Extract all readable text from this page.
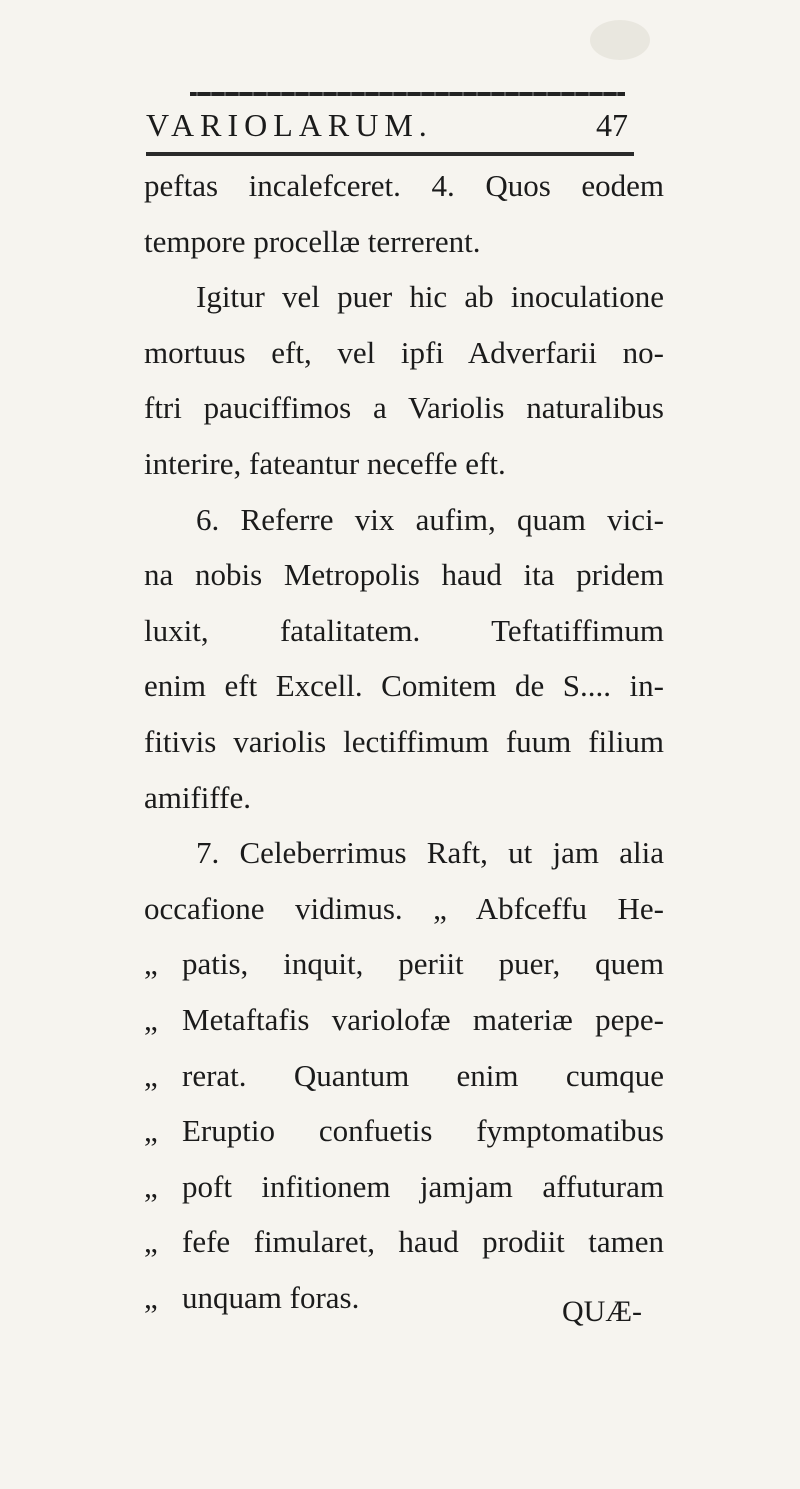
VARIOLARUM.	47
peftas incalefceret. 4. Quos eodem
tempore procellæ terrerent.
Igitur vel puer hic ab inoculatione
mortuus eft, vel ipfi Adverfarii no-
ftri pauciffimos a Variolis naturalibus
interire, fateantur neceffe eft.
6. Referre vix aufim, quam vici-
na nobis Metropolis haud ita pridem
luxit, fatalitatem. Teftatiffimum
enim eft Excell. Comitem de S.... in-
fitivis variolis lectiffimum fuum filium
amififfe.
7. Celeberrimus Raft, ut jam alia
occafione vidimus. „ Abfceffu He-
„ patis, inquit, periit puer, quem
„ Metaftafis variolofæ materiæ pepe-
„ rerat. Quantum enim cumque
„ Eruptio confuetis fymptomatibus
„ poft infitionem jamjam affuturam
„ fefe fimularet, haud prodiit tamen
„ unquam foras.	QUÆ-
